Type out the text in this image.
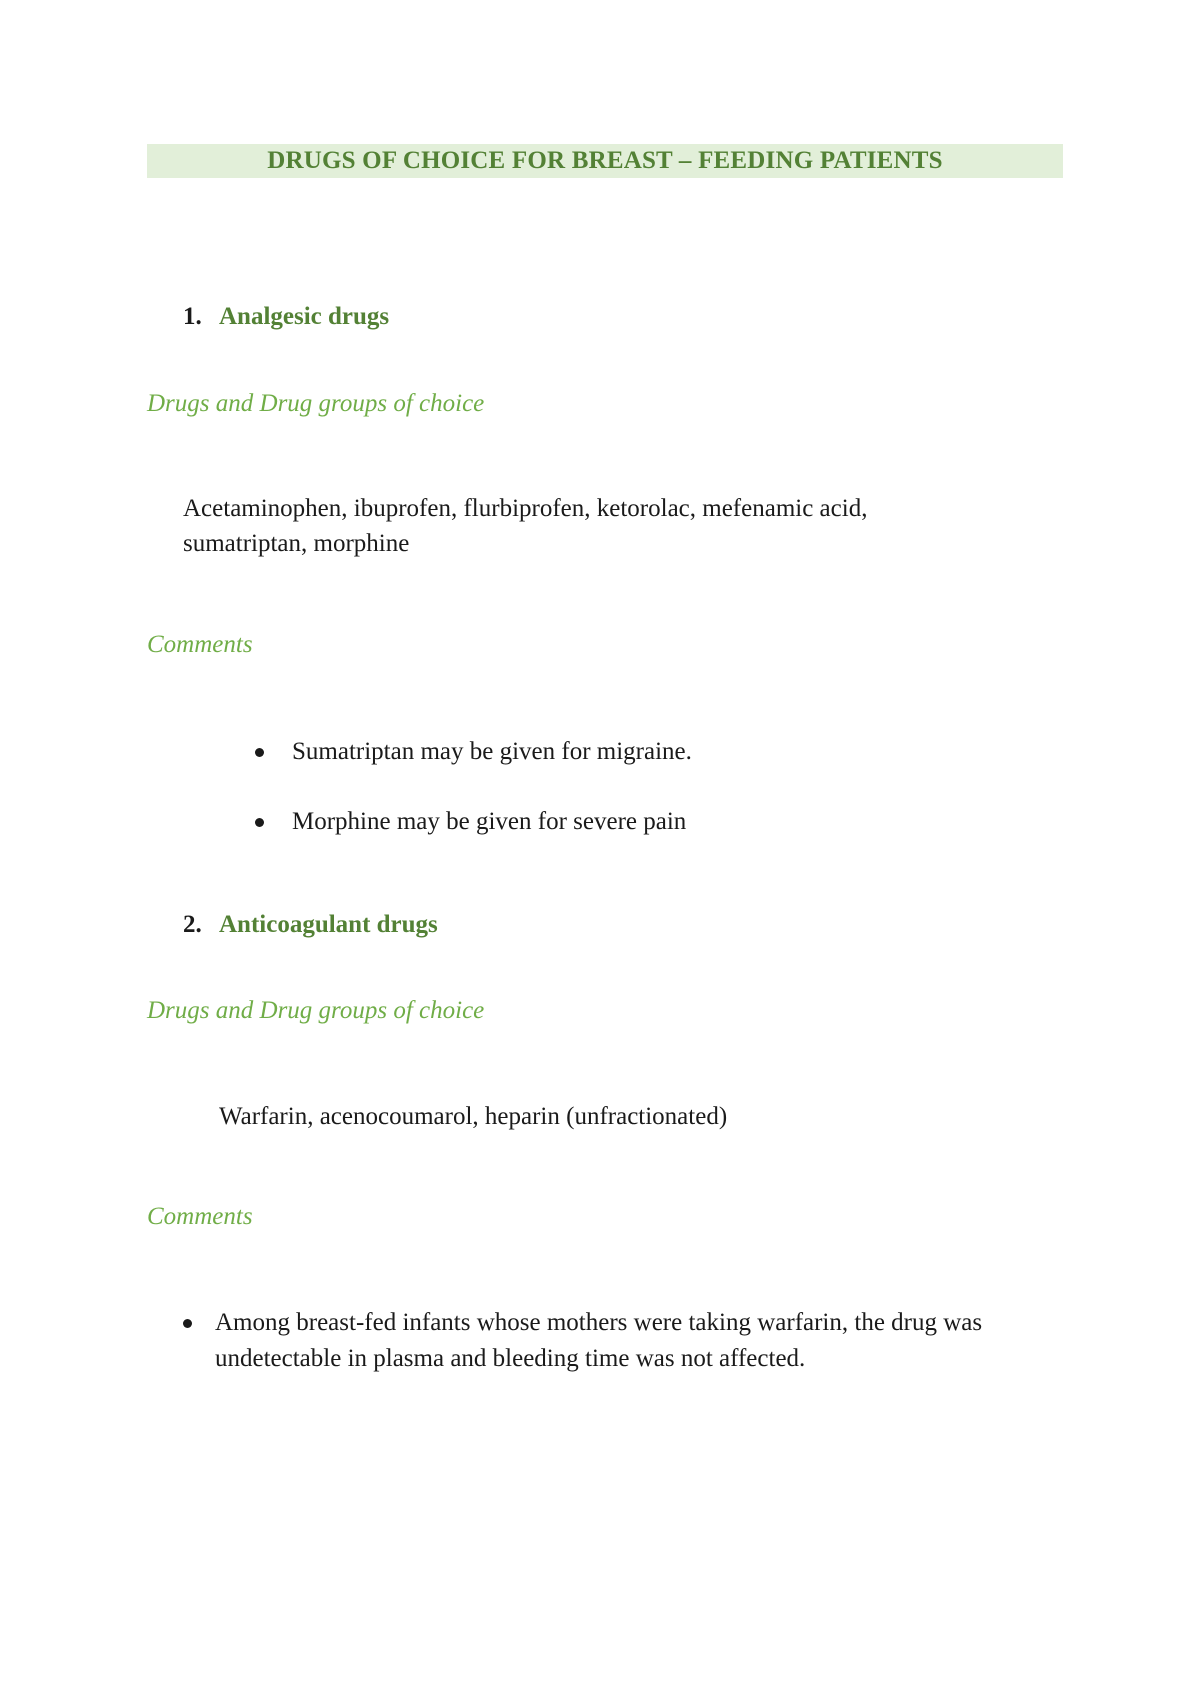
DRUGS OF CHOICE FOR BREAST – FEEDING PATIENTS
1. Analgesic drugs
Drugs and Drug groups of choice
Acetaminophen, ibuprofen, flurbiprofen, ketorolac, mefenamic acid,
sumatriptan, morphine
Comments
Sumatriptan may be given for migraine.
Morphine may be given for severe pain
2. Anticoagulant drugs
Drugs and Drug groups of choice
Warfarin, acenocoumarol, heparin (unfractionated)
Comments
Among breast-fed infants whose mothers were taking warfarin, the drug was undetectable in plasma and bleeding time was not affected.
